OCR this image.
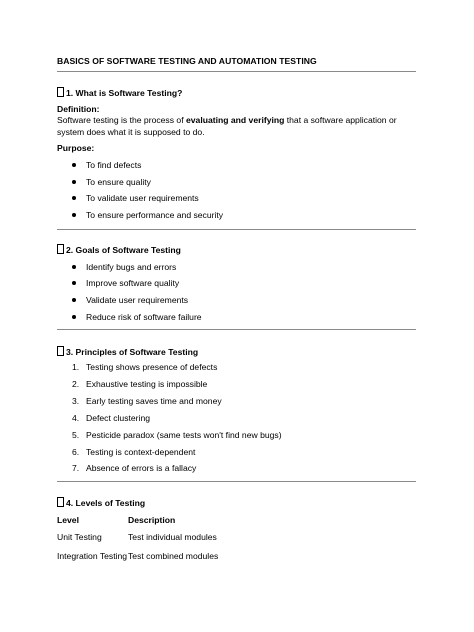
BASICS OF SOFTWARE TESTING AND AUTOMATION TESTING
1. What is Software Testing?
Definition:
Software testing is the process of evaluating and verifying that a software application or system does what it is supposed to do.
Purpose:
To find defects
To ensure quality
To validate user requirements
To ensure performance and security
2. Goals of Software Testing
Identify bugs and errors
Improve software quality
Validate user requirements
Reduce risk of software failure
3. Principles of Software Testing
1. Testing shows presence of defects
2. Exhaustive testing is impossible
3. Early testing saves time and money
4. Defect clustering
5. Pesticide paradox (same tests won't find new bugs)
6. Testing is context-dependent
7. Absence of errors is a fallacy
4. Levels of Testing
Level	Description
Unit Testing	Test individual modules
Integration Testing Test combined modules
